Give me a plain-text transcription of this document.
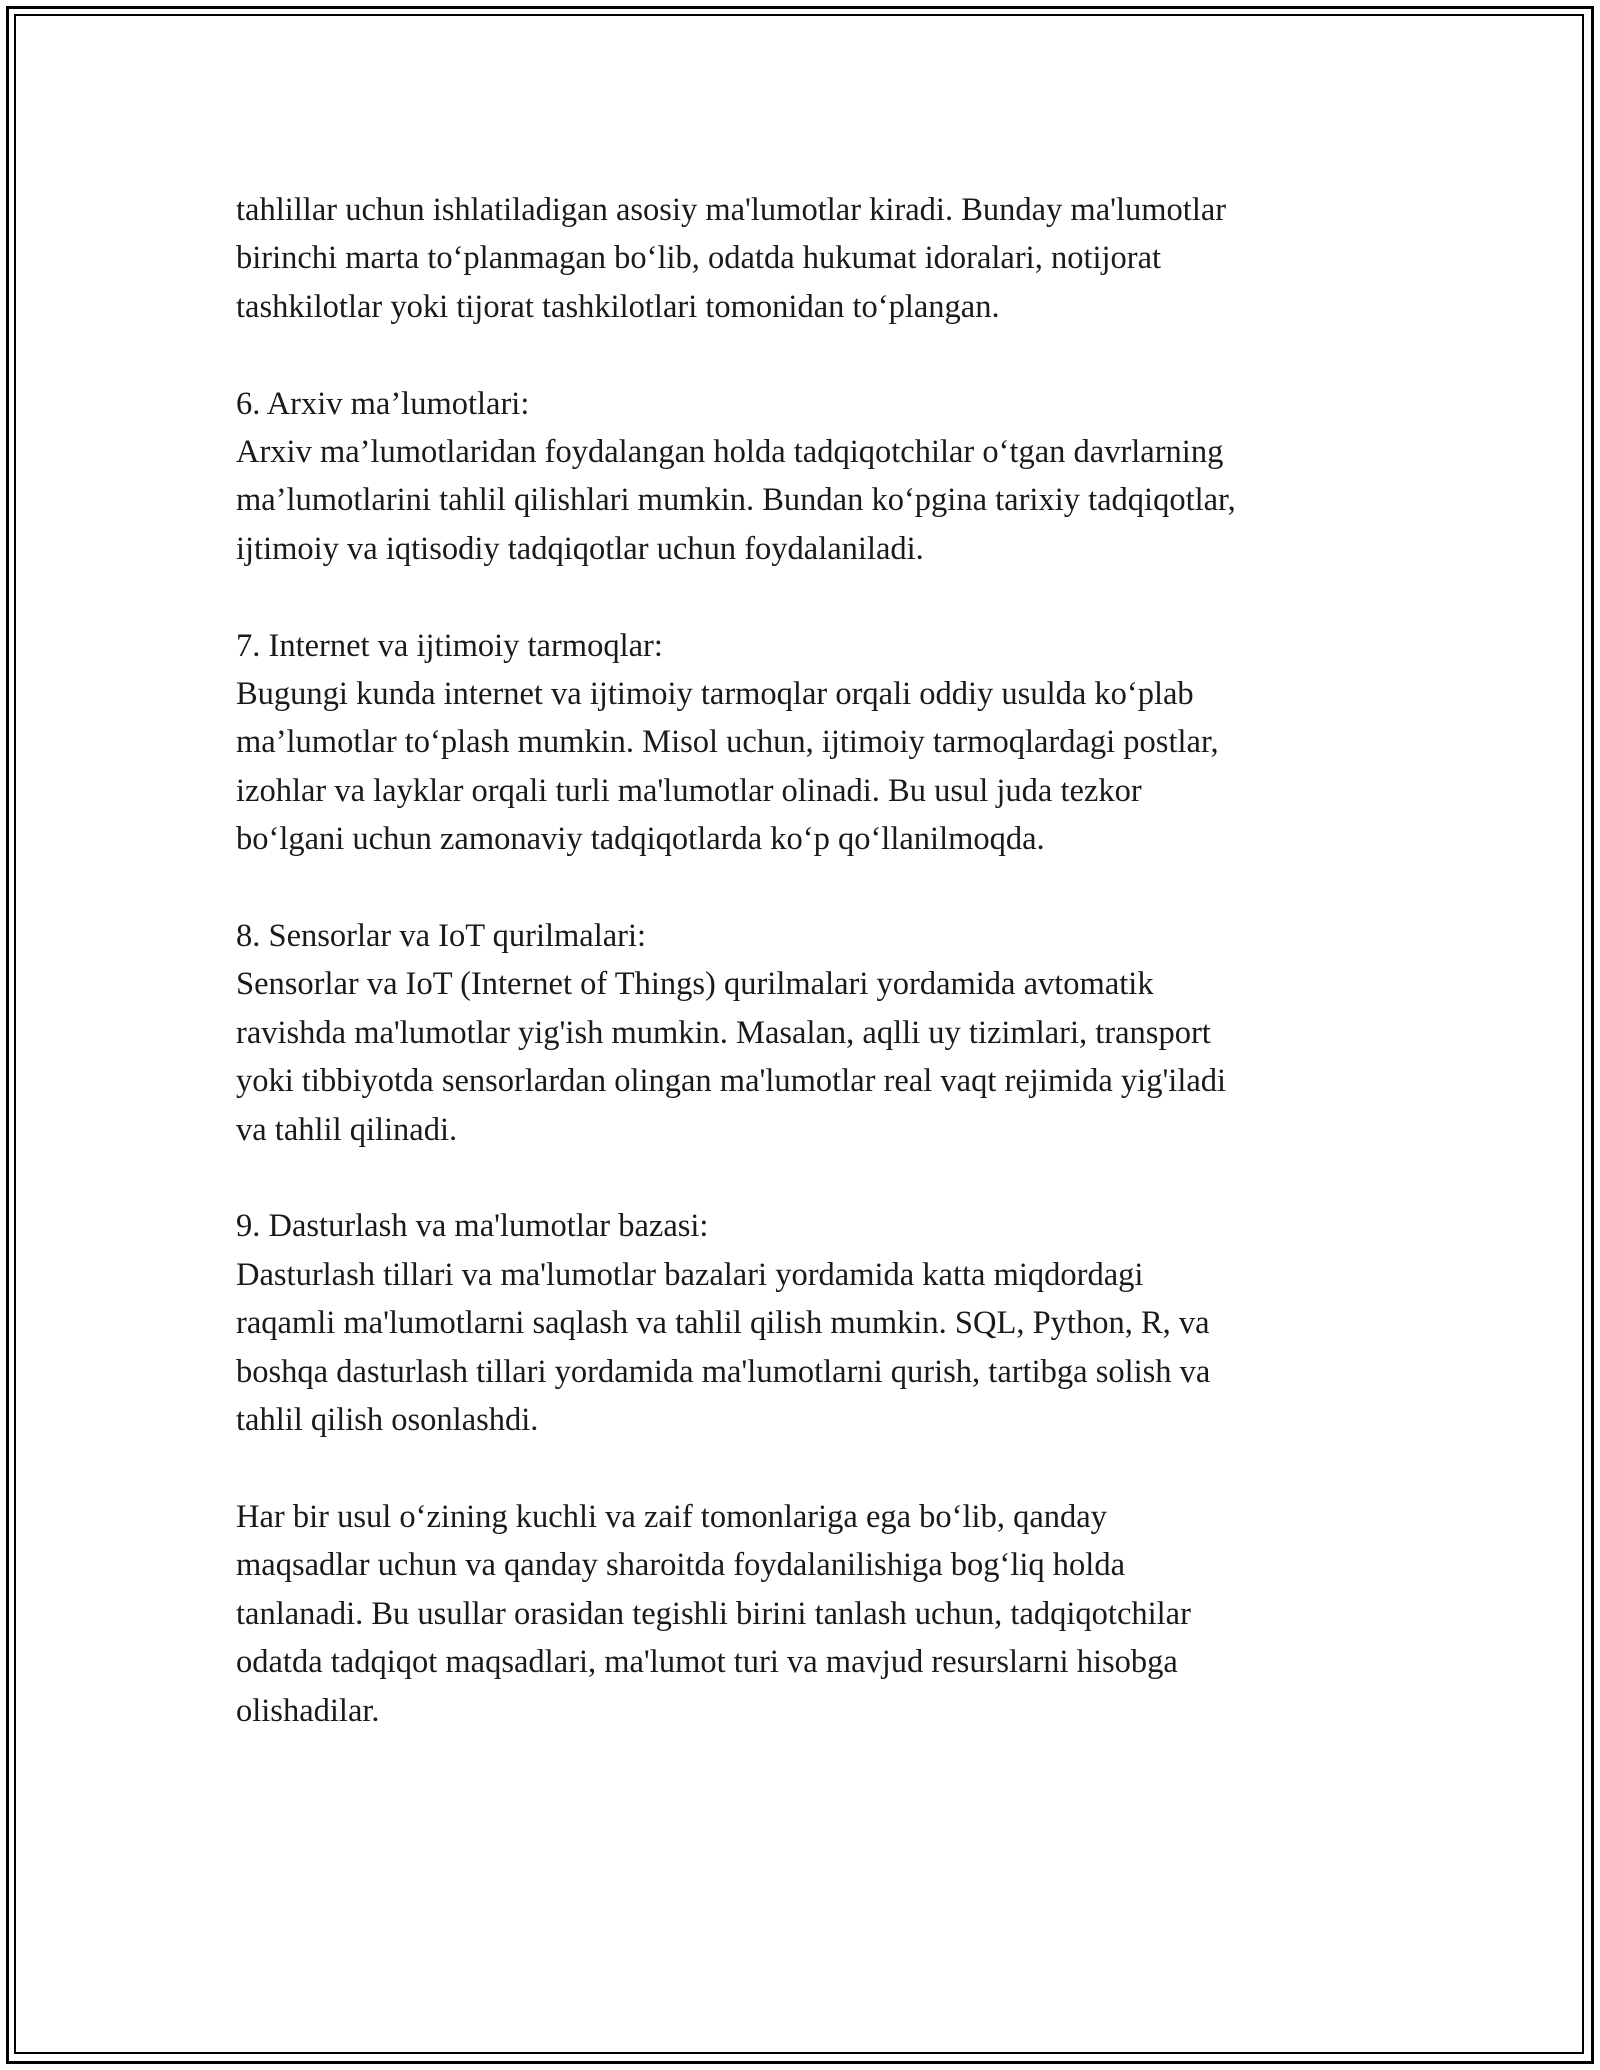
tahlillar uchun ishlatiladigan asosiy ma'lumotlar kiradi. Bunday ma'lumotlar
birinchi marta to‘planmagan bo‘lib, odatda hukumat idoralari, notijorat
tashkilotlar yoki tijorat tashkilotlari tomonidan to‘plangan.

6. Arxiv ma’lumotlari:

Arxiv ma’lumotlaridan foydalangan holda tadqiqotchilar o‘tgan davrlarning
ma’lumotlarini tahlil qilishlari mumkin. Bundan ko‘pgina tarixiy tadqiqotlar,
ijtimoiy va iqtisodiy tadqiqotlar uchun foydalaniladi.

7. Internet va ijtimoiy tarmoqlar:

Bugungi kunda internet va ijtimoiy tarmoqlar orqali oddiy usulda ko‘plab
ma’lumotlar to‘plash mumkin. Misol uchun, ijtimoiy tarmoqlardagi postlar,
izohlar va layklar orqali turli ma'lumotlar olinadi. Bu usul juda tezkor
bo‘lgani uchun zamonaviy tadqiqotlarda ko‘p qo‘llanilmoqda.

8. Sensorlar va IoT qurilmalari:

Sensorlar va IoT (Internet of Things) qurilmalari yordamida avtomatik
ravishda ma'lumotlar yig'ish mumkin. Masalan, aqlli uy tizimlari, transport
yoki tibbiyotda sensorlardan olingan ma'lumotlar real vaqt rejimida yig'iladi
va tahlil qilinadi.

9. Dasturlash va ma'lumotlar bazasi:

Dasturlash tillari va ma'lumotlar bazalari yordamida katta miqdordagi
raqamli ma'lumotlarni saqlash va tahlil qilish mumkin. SQL, Python, R, va
boshqa dasturlash tillari yordamida ma'lumotlarni qurish, tartibga solish va
tahlil qilish osonlashdi.

Har bir usul o‘zining kuchli va zaif tomonlariga ega bo‘lib, qanday
maqsadlar uchun va qanday sharoitda foydalanilishiga bog‘liq holda
tanlanadi. Bu usullar orasidan tegishli birini tanlash uchun, tadqiqotchilar
odatda tadqiqot maqsadlari, ma'lumot turi va mavjud resurslarni hisobga
olishadilar.
